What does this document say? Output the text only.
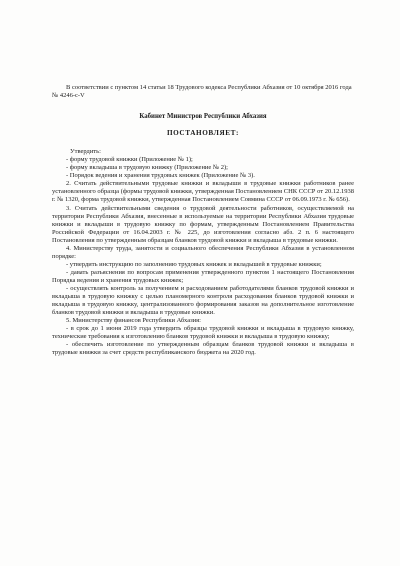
В соответствии с пунктом 14 статьи 18 Трудового кодекса Республики Абхазия от 10 октября 2016 года № 4246-с-V

Кабинет Министров Республики Абхазия

ПОСТАНОВЛЯЕТ:

Утвердить:

- форму трудовой книжки (Приложение № 1);

- форму вкладыша в трудовую книжку (Приложение № 2);

- Порядок ведения и хранения трудовых книжек (Приложение № 3).

2. Считать действительными трудовые книжки и вкладыши в трудовые книжки работников ранее установленного образца (формы трудовой книжки, утвержденная Постановлением СНК СССР от 20.12.1938 г. № 1320, форма трудовой книжки, утвержденная Постановлением Совмина СССР от 06.09.1973 г. № 656).

3. Считать действительными сведения о трудовой деятельности работников, осуществляемой на территории Республики Абхазия, внесенные в используемые на территории Республики Абхазия трудовые книжки и вкладыши в трудовую книжку по формам, утвержденным Постановлением Правительства Российской Федерации от 16.04.2003 г. № 225, до изготовления согласно абз. 2 п. 6 настоящего Постановления по утвержденным образцам бланков трудовой книжки и вкладыша в трудовые книжки.

4. Министерству труда, занятости и социального обеспечения Республики Абхазия в установленном порядке:

- утвердить инструкцию по заполнению трудовых книжек и вкладышей в трудовые книжки;

- давать разъяснения по вопросам применения утвержденного пунктом 1 настоящего Постановления Порядка ведения и хранения трудовых книжек;

- осуществлять контроль за получением и расходованием работодателями бланков трудовой книжки и вкладыша в трудовую книжку с целью планомерного контроля расходования бланков трудовой книжки и вкладыша в трудовую книжку, централизованного формирования заказов на дополнительное изготовление бланков трудовой книжки и вкладыша в трудовые книжки.

5. Министерству финансов Республики Абхазия:

- в срок до 1 июня 2019 года утвердить образцы трудовой книжки и вкладыша в трудовую книжку, технические требования к изготовлению бланков трудовой книжки и вкладыша в трудовую книжку;

- обеспечить изготовление по утвержденным образцам бланков трудовой книжки и вкладыша в трудовые книжки за счет средств республиканского бюджета на 2020 год.
